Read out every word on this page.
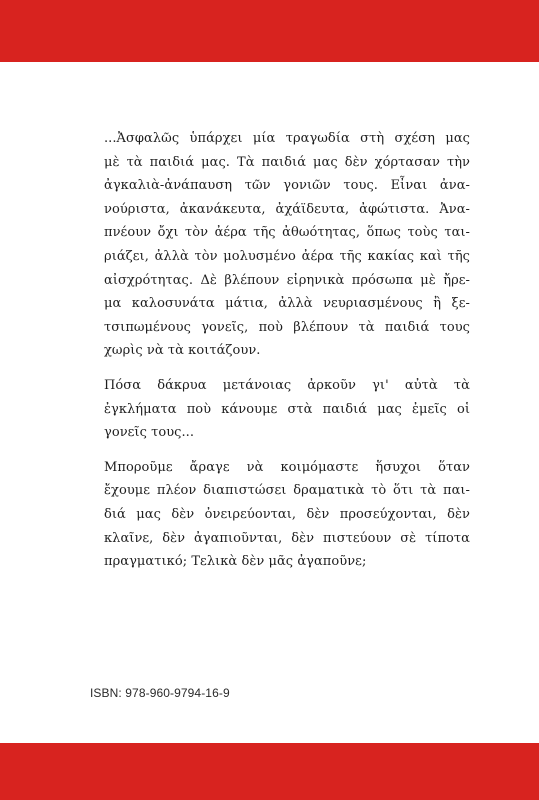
...Ἀσφαλῶς ὑπάρχει μία τραγωδία στὴ σχέση μας
μὲ τὰ παιδιά μας. Τὰ παιδιά μας δὲν χόρτασαν τὴν
ἀγκαλιὰ-ἀνάπαυση τῶν γονιῶν τους. Εἶναι ἀνα-
νούριστα, ἀκανάκευτα, ἀχάϊδευτα, ἀφώτιστα. Ἀνα-
πνέουν ὄχι τὸν ἀέρα τῆς ἀθωότητας, ὅπως τοὺς ται-
ριάζει, ἀλλὰ τὸν μολυσμένο ἀέρα τῆς κακίας καὶ τῆς
αἰσχρότητας. Δὲ βλέπουν εἰρηνικὰ πρόσωπα μὲ ἤρε-
μα καλοσυνάτα μάτια, ἀλλὰ νευριασμένους ἢ ξε-
τσιπωμένους γονεῖς, ποὺ βλέπουν τὰ παιδιά τους
χωρὶς νὰ τὰ κοιτάζουν.
Πόσα δάκρυα μετάνοιας ἀρκοῦν γι' αὐτὰ τὰ
ἐγκλήματα ποὺ κάνουμε στὰ παιδιά μας ἐμεῖς οἱ
γονεῖς τους...
Μποροῦμε ἄραγε νὰ κοιμόμαστε ἥσυχοι ὅταν
ἔχουμε πλέον διαπιστώσει δραματικὰ τὸ ὅτι τὰ παι-
διά μας δὲν ὀνειρεύονται, δὲν προσεύχονται, δὲν
κλαῖνε, δὲν ἀγαπιοῦνται, δὲν πιστεύουν σὲ τίποτα
πραγματικό; Τελικὰ δὲν μᾶς ἀγαποῦνε;
ISBN: 978-960-9794-16-9
